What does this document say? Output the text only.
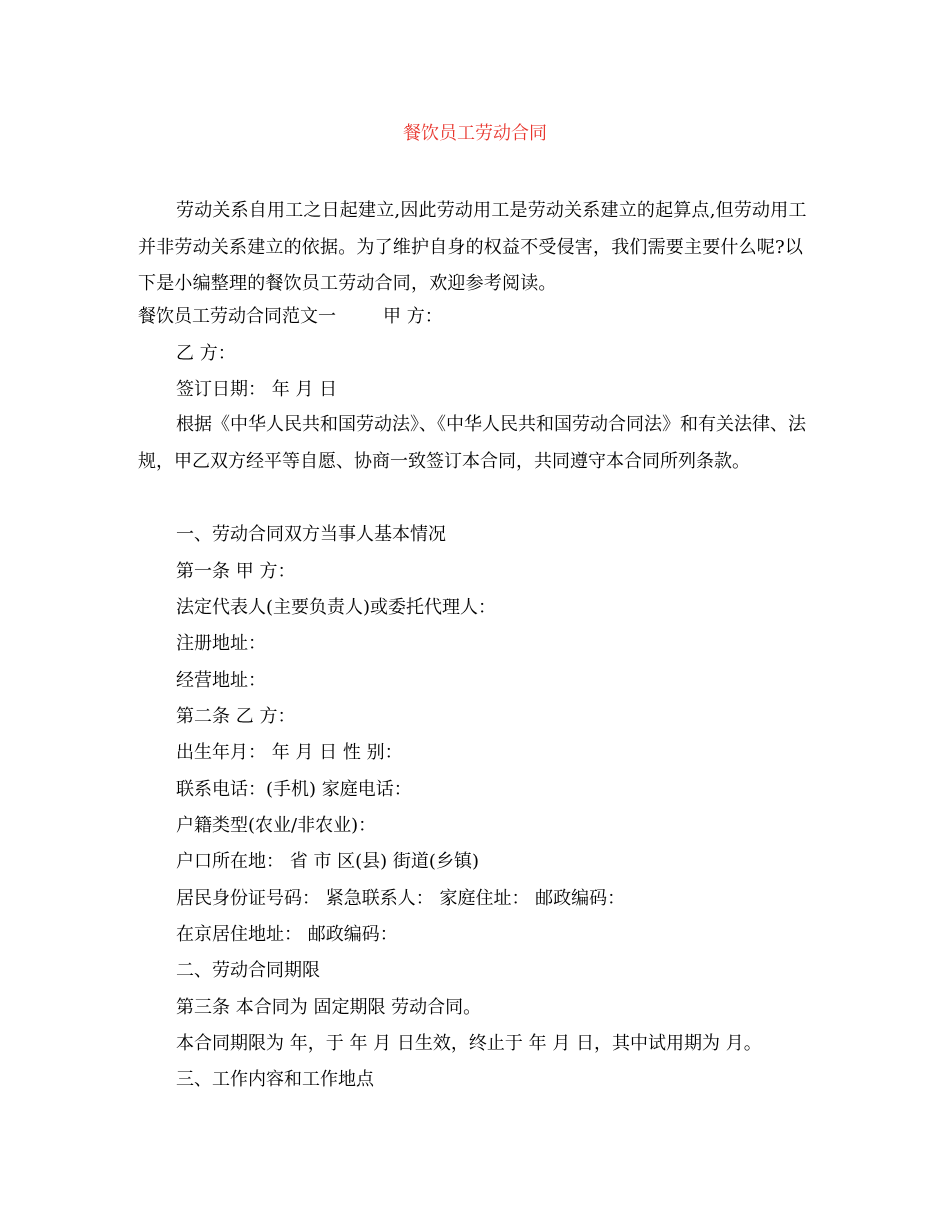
餐饮员工劳动合同

劳动关系自用工之日起建立,因此劳动用工是劳动关系建立的起算点,但劳动用工并非劳动关系建立的依据。为了维护自身的权益不受侵害，我们需要主要什么呢?以下是小编整理的餐饮员工劳动合同，欢迎参考阅读。

餐饮员工劳动合同范文一	甲 方：
乙 方：
签订日期： 年 月 日

根据《中华人民共和国劳动法》、《中华人民共和国劳动合同法》和有关法律、法规，甲乙双方经平等自愿、协商一致签订本合同，共同遵守本合同所列条款。

一、劳动合同双方当事人基本情况
第一条 甲 方：
法定代表人(主要负责人)或委托代理人：
注册地址：
经营地址：
第二条 乙 方：
出生年月： 年 月 日 性 别：
联系电话：(手机) 家庭电话：
户籍类型(农业/非农业)：
户口所在地： 省 市 区(县) 街道(乡镇)
居民身份证号码： 紧急联系人： 家庭住址： 邮政编码：
在京居住地址： 邮政编码：
二、劳动合同期限
第三条 本合同为 固定期限 劳动合同。
本合同期限为 年，于 年 月 日生效，终止于 年 月 日，其中试用期为 月。
三、工作内容和工作地点
